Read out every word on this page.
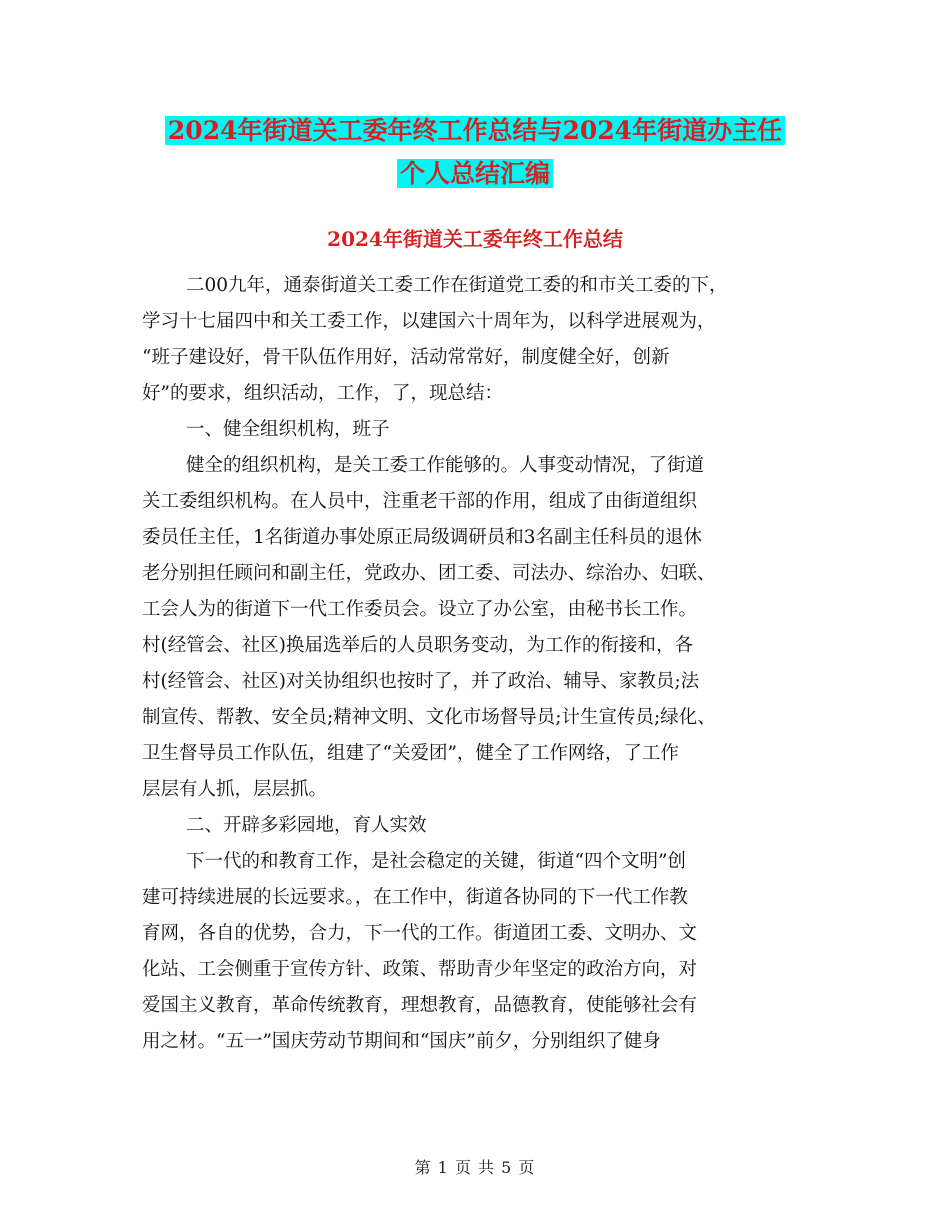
2024年街道关工委年终工作总结与2024年街道办主任
个人总结汇编
2024年街道关工委年终工作总结
二00九年，通泰街道关工委工作在街道党工委的和市关工委的下，
学习十七届四中和关工委工作，以建国六十周年为，以科学进展观为，
“班子建设好，骨干队伍作用好，活动常常好，制度健全好，创新
好”的要求，组织活动，工作，了，现总结：
一、健全组织机构，班子
健全的组织机构，是关工委工作能够的。人事变动情况，了街道
关工委组织机构。在人员中，注重老干部的作用，组成了由街道组织
委员任主任，1名街道办事处原正局级调研员和3名副主任科员的退休
老分别担任顾问和副主任，党政办、团工委、司法办、综治办、妇联、
工会人为的街道下一代工作委员会。设立了办公室，由秘书长工作。
村(经管会、社区)换届选举后的人员职务变动，为工作的衔接和，各
村(经管会、社区)对关协组织也按时了，并了政治、辅导、家教员;法
制宣传、帮教、安全员;精神文明、文化市场督导员;计生宣传员;绿化、
卫生督导员工作队伍，组建了“关爱团”，健全了工作网络，了工作
层层有人抓，层层抓。
二、开辟多彩园地，育人实效
下一代的和教育工作，是社会稳定的关键，街道“四个文明”创
建可持续进展的长远要求。，在工作中，街道各协同的下一代工作教
育网，各自的优势，合力，下一代的工作。街道团工委、文明办、文
化站、工会侧重于宣传方针、政策、帮助青少年坚定的政治方向，对
爱国主义教育，革命传统教育，理想教育，品德教育，使能够社会有
用之材。“五一”国庆劳动节期间和“国庆”前夕，分别组织了健身
第 1 页 共 5 页
